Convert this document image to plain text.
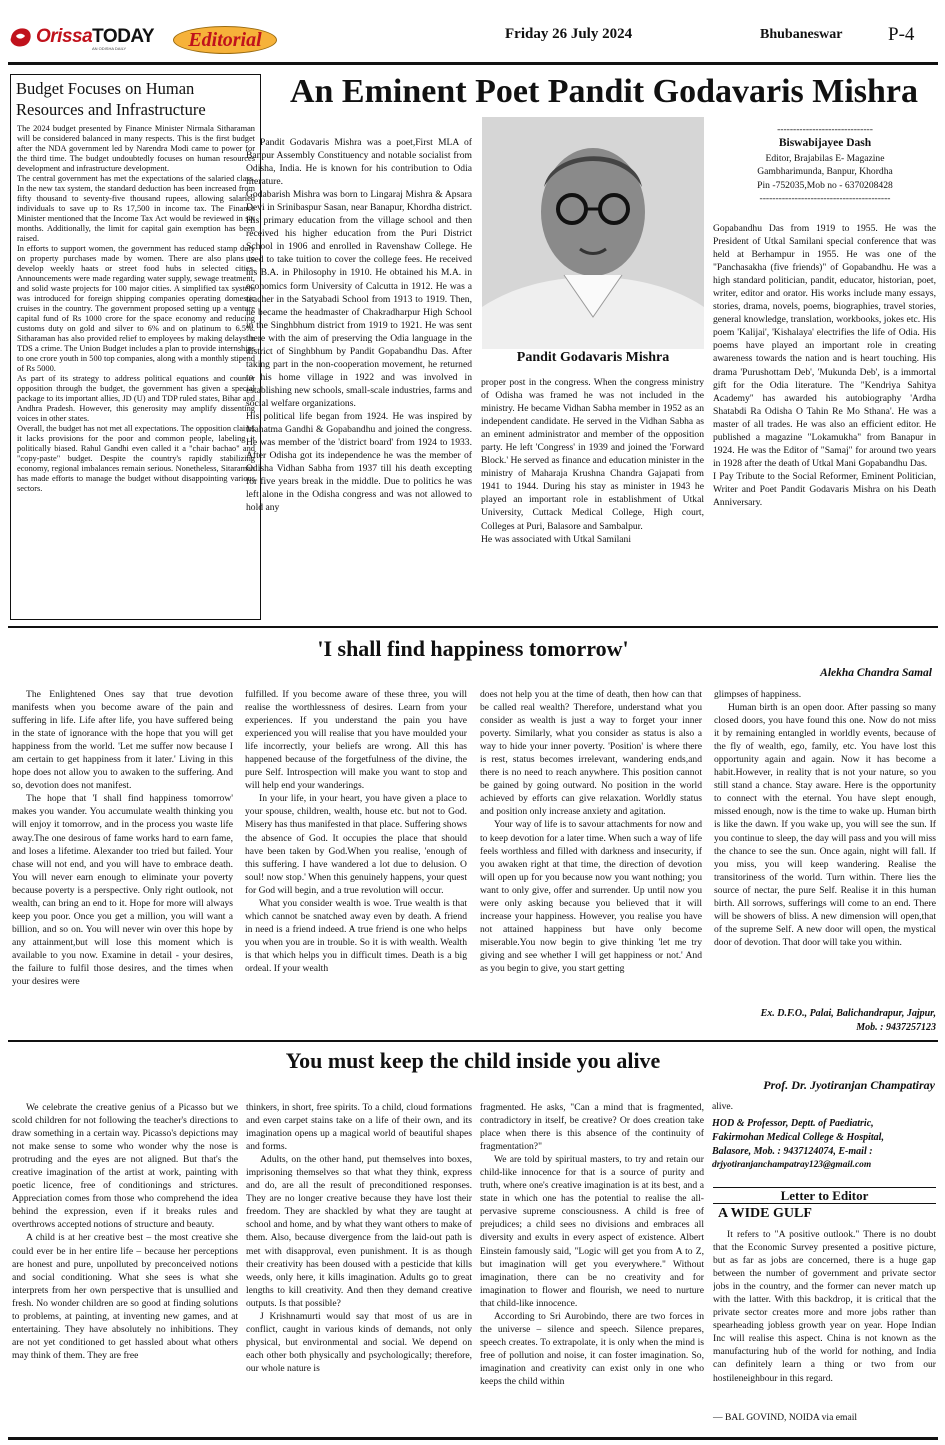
OrissaTODAY
AN ODISHA DAILY	Editorial	Friday 26 July 2024	Bhubaneswar P-4
Budget Focuses on Human Resources and Infrastructure

The 2024 budget presented by Finance Minister Nirmala Sitharaman will be considered balanced in many respects. This is the first budget after the NDA government led by Narendra Modi came to power for the third time. The budget undoubtedly focuses on human resources development and infrastructure development.

The central government has met the expectations of the salaried class. In the new tax system, the standard deduction has been increased from fifty thousand to seventy-five thousand rupees, allowing salaried individuals to save up to Rs 17,500 in income tax. The Finance Minister mentioned that the Income Tax Act would be reviewed in six months. Additionally, the limit for capital gain exemption has been raised.

In efforts to support women, the government has reduced stamp duty on property purchases made by women. There are also plans to develop weekly haats or street food hubs in selected cities. Announcements were made regarding water supply, sewage treatment, and solid waste projects for 100 major cities. A simplified tax system was introduced for foreign shipping companies operating domestic cruises in the country. The government proposed setting up a venture capital fund of Rs 1000 crore for the space economy and reducing customs duty on gold and silver to 6% and on platinum to 6.5%. Sitharaman has also provided relief to employees by making delays in TDS a crime. The Union Budget includes a plan to provide internships to one crore youth in 500 top companies, along with a monthly stipend of Rs 5000.

As part of its strategy to address political equations and counter opposition through the budget, the government has given a special package to its important allies, JD (U) and TDP ruled states, Bihar and Andhra Pradesh. However, this generosity may amplify dissenting voices in other states.

Overall, the budget has not met all expectations. The opposition claims it lacks provisions for the poor and common people, labeling it politically biased. Rahul Gandhi even called it a "chair bachao" and "copy-paste" budget. Despite the country's rapidly stabilizing economy, regional imbalances remain serious. Nonetheless, Sitaraman has made efforts to manage the budget without disappointing various sectors.

An Eminent Poet Pandit Godavaris Mishra

Pandit Godavaris Mishra was a poet,First MLA of Banpur Assembly Constituency and notable socialist from Odisha, India. He is known for his contribution to Odia literature.

Godabarish Mishra was born to Lingaraj Mishra & Apsara Devi in Srinibaspur Sasan, near Banapur, Khordha district. His primary education from the village school and then received his higher education from the Puri District School in 1906 and enrolled in Ravenshaw College. He used to take tuition to cover the college fees. He received his B.A. in Philosophy in 1910. He obtained his M.A. in economics form University of Calcutta in 1912. He was a teacher in the Satyabadi School from 1913 to 1919. Then, he became the headmaster of Chakradharpur High School in the Singhbhum district from 1919 to 1921. He was sent there with the aim of preserving the Odia language in the district of Singhbhum by Pandit Gopabandhu Das. After taking part in the non-cooperation movement, he returned to his home village in 1922 and was involved in establishing new schools, small-scale industries, farms and social welfare organizations.

His political life began from 1924. He was inspired by Mahatma Gandhi & Gopabandhu and joined the congress. He was member of the 'district board' from 1924 to 1933. After Odisha got its independence he was the member of Odisha Vidhan Sabha from 1937 till his death excepting for five years break in the middle. Due to politics he was left alone in the Odisha congress and was not allowed to hold any

Pandit Godavaris Mishra
------------------------------
Biswabijayee Dash
Editor, Brajabilas E- Magazine
Gambharimunda, Banpur, Khordha
Pin -752035,Mob no - 6370208428
-----------------------------------------

proper post in the congress. When the congress ministry of Odisha was framed he was not included in the ministry. He became Vidhan Sabha member in 1952 as an independent candidate. He served in the Vidhan Sabha as an eminent administrator and member of the opposition party. He left 'Congress' in 1939 and joined the 'Forward Block.' He served as finance and education minister in the ministry of Maharaja Krushna Chandra Gajapati from 1941 to 1944. During his stay as minister in 1943 he played an important role in establishment of Utkal University, Cuttack Medical College, High court, Colleges at Puri, Balasore and Sambalpur.

He was associated with Utkal Samilani

Gopabandhu Das from 1919 to 1955. He was the President of Utkal Samilani special conference that was held at Berhampur in 1955. He was one of the "Panchasakha (five friends)" of Gopabandhu. He was a high standard politician, pandit, educator, historian, poet, writer, editor and orator. His works include many essays, stories, drama, novels, poems, biographies, travel stories, general knowledge, translation, workbooks, jokes etc. His poem 'Kalijai', 'Kishalaya' electrifies the life of Odia. His poems have played an important role in creating awareness towards the nation and is heart touching. His drama 'Purushottam Deb', 'Mukunda Deb', is a immortal gift for the Odia literature. The "Kendriya Sahitya Academy" has awarded his autobiography 'Ardha Shatabdi Ra Odisha O Tahin Re Mo Sthana'. He was a master of all trades. He was also an efficient editor. He published a magazine "Lokamukha" from Banapur in 1924. He was the Editor of "Samaj" for around two years in 1928 after the death of Utkal Mani Gopabandhu Das.

I Pay Tribute to the Social Reformer, Eminent Politician, Writer and Poet Pandit Godavaris Mishra on his Death Anniversary.

'I shall find happiness tomorrow'
Alekha Chandra Samal

The Enlightened Ones say that true devotion manifests when you become aware of the pain and suffering in life. Life after life, you have suffered being in the state of ignorance with the hope that you will get happiness from the world. 'Let me suffer now because I am certain to get happiness from it later.' Living in this hope does not allow you to awaken to the suffering. And so, devotion does not manifest.

The hope that 'I shall find happiness tomorrow' makes you wander. You accumulate wealth thinking you will enjoy it tomorrow, and in the process you waste life away.The one desirous of fame works hard to earn fame, and loses a lifetime. Alexander too tried but failed. Your chase will not end, and you will have to embrace death. You will never earn enough to eliminate your poverty because poverty is a perspective. Only right outlook, not wealth, can bring an end to it. Hope for more will always keep you poor. Once you get a million, you will want a billion, and so on. You will never win over this hope by any attainment,but will lose this moment which is available to you now. Examine in detail - your desires, the failure to fulfil those desires, and the times when your desires were

fulfilled. If you become aware of these three, you will realise the worthlessness of desires. Learn from your experiences. If you understand the pain you have experienced you will realise that you have moulded your life incorrectly, your beliefs are wrong. All this has happened because of the forgetfulness of the divine, the pure Self. Introspection will make you want to stop and will help end your wanderings.

In your life, in your heart, you have given a place to your spouse, children, wealth, house etc. but not to God. Misery has thus manifested in that place. Suffering shows the absence of God. It occupies the place that should have been taken by God.When you realise, 'enough of this suffering. I have wandered a lot due to delusion. O soul! now stop.' When this genuinely happens, your quest for God will begin, and a true revolution will occur.

What you consider wealth is woe. True wealth is that which cannot be snatched away even by death. A friend in need is a friend indeed. A true friend is one who helps you when you are in trouble. So it is with wealth. Wealth is that which helps you in difficult times. Death is a big ordeal. If your wealth

does not help you at the time of death, then how can that be called real wealth? Therefore, understand what you consider as wealth is just a way to forget your inner poverty. Similarly, what you consider as status is also a way to hide your inner poverty. 'Position' is where there is rest, status becomes irrelevant, wandering ends,and there is no need to reach anywhere. This position cannot be gained by going outward. No position in the world achieved by efforts can give relaxation. Worldly status and position only increase anxiety and agitation.

Your way of life is to savour attachments for now and to keep devotion for a later time. When such a way of life feels worthless and filled with darkness and insecurity, if you awaken right at that time, the direction of devotion will open up for you because now you want nothing; you want to only give, offer and surrender. Up until now you were only asking because you believed that it will increase your happiness. However, you realise you have not attained happiness but have only become miserable.You now begin to give thinking 'let me try giving and see whether I will get happiness or not.' And as you begin to give, you start getting

glimpses of happiness.

Human birth is an open door. After passing so many closed doors, you have found this one. Now do not miss it by remaining entangled in worldly events, because of the fly of wealth, ego, family, etc. You have lost this opportunity again and again. Now it has become a habit.However, in reality that is not your nature, so you still stand a chance. Stay aware. Here is the opportunity to connect with the eternal. You have slept enough, missed enough, now is the time to wake up. Human birth is like the dawn. If you wake up, you will see the sun. If you continue to sleep, the day will pass and you will miss the chance to see the sun. Once again, night will fall. If you miss, you will keep wandering. Realise the transitoriness of the world. Turn within. There lies the source of nectar, the pure Self. Realise it in this human birth. All sorrows, sufferings will come to an end. There will be showers of bliss. A new dimension will open,that of the supreme Self. A new door will open, the mystical door of devotion. That door will take you within.

Ex. D.F.O., Palai, Balichandrapur, Jajpur,
Mob. : 9437257123
You must keep the child inside you alive
Prof. Dr. Jyotiranjan Champatiray

We celebrate the creative genius of a Picasso but we scold children for not following the teacher's directions to draw something in a certain way. Picasso's depictions may not make sense to some who wonder why the nose is protruding and the eyes are not aligned. But that's the creative imagination of the artist at work, painting with poetic licence, free of conditionings and strictures. Appreciation comes from those who comprehend the idea behind the expression, even if it breaks rules and overthrows accepted notions of structure and beauty.

A child is at her creative best – the most creative she could ever be in her entire life – because her perceptions are honest and pure, unpolluted by preconceived notions and social conditioning. What she sees is what she interprets from her own perspective that is unsullied and fresh. No wonder children are so good at finding solutions to problems, at painting, at inventing new games, and at entertaining. They have absolutely no inhibitions. They are not yet conditioned to get hassled about what others may think of them. They are free

thinkers, in short, free spirits. To a child, cloud formations and even carpet stains take on a life of their own, and its imagination opens up a magical world of beautiful shapes and forms.

Adults, on the other hand, put themselves into boxes, imprisoning themselves so that what they think, express and do, are all the result of preconditioned responses. They are no longer creative because they have lost their freedom. They are shackled by what they are taught at school and home, and by what they want others to make of them. Also, because divergence from the laid-out path is met with disapproval, even punishment. It is as though their creativity has been doused with a pesticide that kills weeds, only here, it kills imagination. Adults go to great lengths to kill creativity. And then they demand creative outputs. Is that possible?

J Krishnamurti would say that most of us are in conflict, caught in various kinds of demands, not only physical, but environmental and social. We depend on each other both physically and psychologically; therefore, our whole nature is

fragmented. He asks, "Can a mind that is fragmented, contradictory in itself, be creative? Or does creation take place when there is this absence of the continuity of fragmentation?"

We are told by spiritual masters, to try and retain our child-like innocence for that is a source of purity and truth, where one's creative imagination is at its best, and a state in which one has the potential to realise the all-pervasive supreme consciousness. A child is free of prejudices; a child sees no divisions and embraces all diversity and exults in every aspect of existence. Albert Einstein famously said, "Logic will get you from A to Z, but imagination will get you everywhere." Without imagination, there can be no creativity and for imagination to flower and flourish, we need to nurture that child-like innocence.

According to Sri Aurobindo, there are two forces in the universe – silence and speech. Silence prepares, speech creates. To extrapolate, it is only when the mind is free of pollution and noise, it can foster imagination. So, imagination and creativity can exist only in one who keeps the child within

alive.
HOD & Professor, Deptt. of Paediatric,
Fakirmohan Medical College & Hospital,
Balasore, Mob. : 9437124074, E-mail :
drjyotiranjanchampatray123@gmail.com
Letter to Editor
A WIDE GULF

It refers to "A positive outlook." There is no doubt that the Economic Survey presented a positive picture, but as far as jobs are concerned, there is a huge gap between the number of government and private sector jobs in the country, and the former can never match up with the latter. With this backdrop, it is critical that the private sector creates more and more jobs rather than spearheading jobless growth year on year. Hope Indian Inc will realise this aspect. China is not known as the manufacturing hub of the world for nothing, and India can definitely learn a thing or two from our hostileneighbour in this regard.

— BAL GOVIND, NOIDA via email
